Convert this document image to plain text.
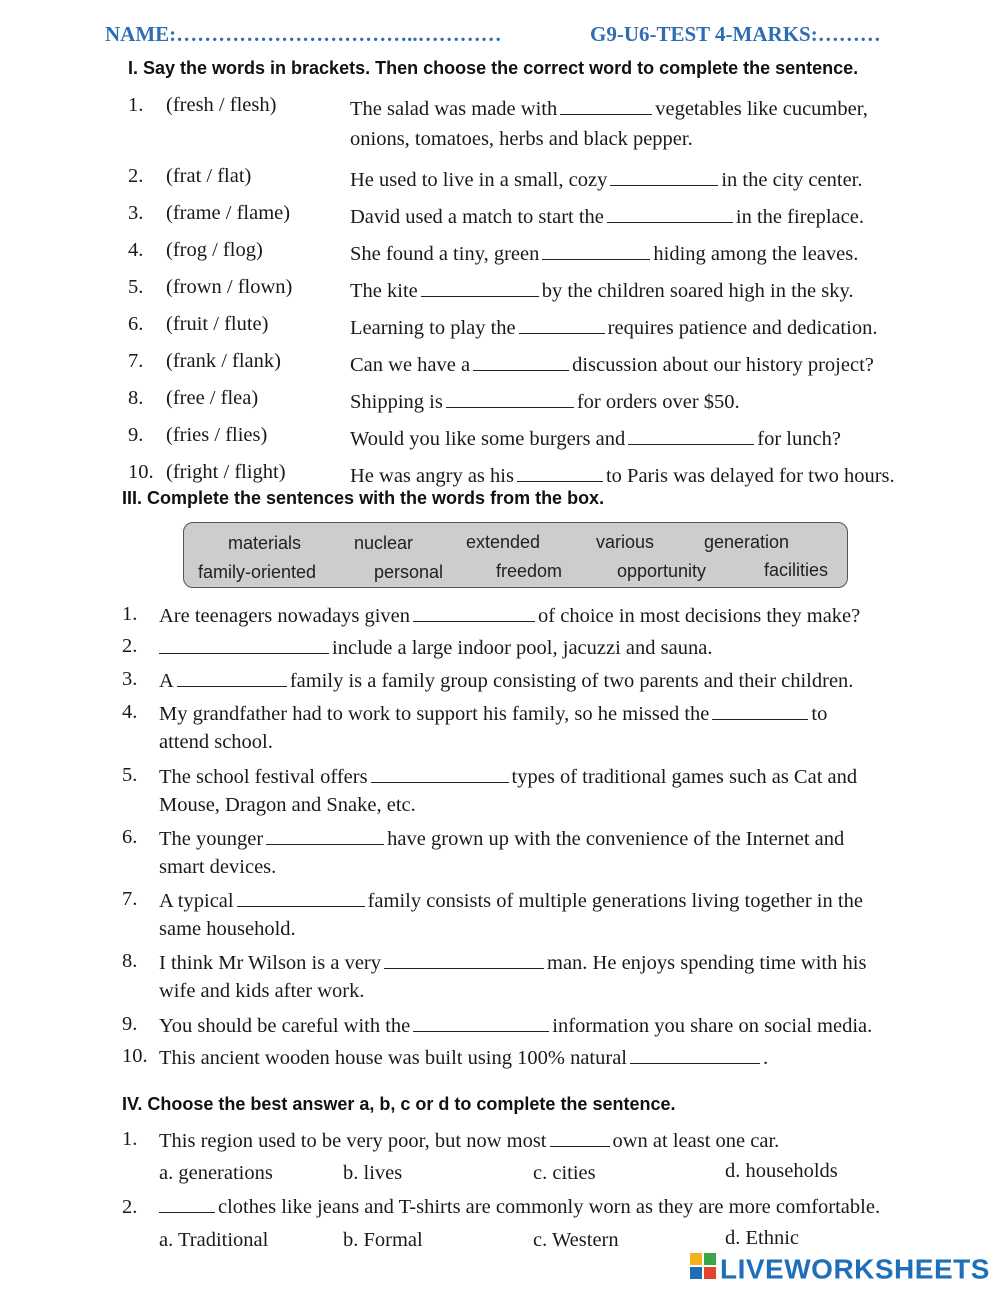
NAME:……………………………..…………	G9-U6-TEST 4-MARKS:………
I. Say the words in brackets. Then choose the correct word to complete the sentence.
1. (fresh / flesh)	The salad was made with	vegetables like cucumber,
onions, tomatoes, herbs and black pepper.
2. (frat / flat)	He used to live in a small, cozy	in the city center.
3. (frame / flame)	David used a match to start the	in the fireplace.
4. (frog / flog)	She found a tiny, green	hiding among the leaves.
5. (frown / flown)	The kite	by the children soared high in the sky.
6. (fruit / flute)	Learning to play the	requires patience and dedication.
7. (frank / flank)	Can we have a	discussion about our history project?
8. (free / flea)	Shipping is	for orders over $50.
9. (fries / flies)	Would you like some burgers and	for lunch?
10. (fright / flight)	He was angry as his	to Paris was delayed for two hours.
III. Complete the sentences with the words from the box.
materials	nuclear	extended	various	generation
family-oriented	personal	freedom	opportunity	facilities
1. Are teenagers nowadays given	of choice in most decisions they make?
2.	include a large indoor pool, jacuzzi and sauna.
3. A	family is a family group consisting of two parents and their children.
4. My grandfather had to work to support his family, so he missed the	to
attend school.
5. The school festival offers	types of traditional games such as Cat and
Mouse, Dragon and Snake, etc.
6. The younger	have grown up with the convenience of the Internet and
smart devices.
7. A typical	family consists of multiple generations living together in the
same household.
8. I think Mr Wilson is a very	man. He enjoys spending time with his
wife and kids after work.
9. You should be careful with the	information you share on social media.
10. This ancient wooden house was built using 100% natural	.
IV. Choose the best answer a, b, c or d to complete the sentence.
1. This region used to be very poor, but now most	own at least one car.
a. generations	b. lives	c. cities	d. households
2.	clothes like jeans and T-shirts are commonly worn as they are more comfortable.
a. Traditional	b. Formal	c. Western	d. Ethnic
LIVEWORKSHEETS
